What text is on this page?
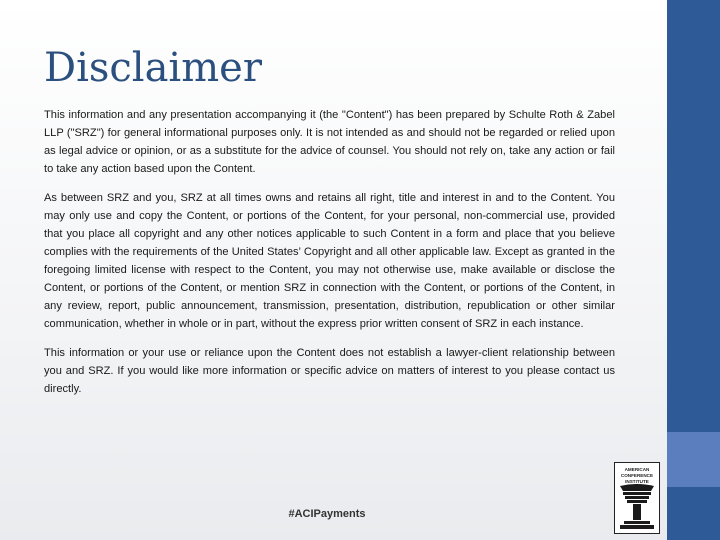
Disclaimer

This information and any presentation accompanying it (the "Content") has been prepared by Schulte Roth & Zabel LLP ("SRZ") for general informational purposes only. It is not intended as and should not be regarded or relied upon as legal advice or opinion, or as a substitute for the advice of counsel. You should not rely on, take any action or fail to take any action based upon the Content.

As between SRZ and you, SRZ at all times owns and retains all right, title and interest in and to the Content. You may only use and copy the Content, or portions of the Content, for your personal, non-commercial use, provided that you place all copyright and any other notices applicable to such Content in a form and place that you believe complies with the requirements of the United States’ Copyright and all other applicable law. Except as granted in the foregoing limited license with respect to the Content, you may not otherwise use, make available or disclose the Content, or portions of the Content, or mention SRZ in connection with the Content, or portions of the Content, in any review, report, public announcement, transmission, presentation, distribution, republication or other similar communication, whether in whole or in part, without the express prior written consent of SRZ in each instance.

This information or your use or reliance upon the Content does not establish a lawyer-client relationship between you and SRZ. If you would like more information or specific advice on matters of interest to you please contact us directly.

#ACIPayments
AMERICAN
CONFERENCE
INSTITUTE
